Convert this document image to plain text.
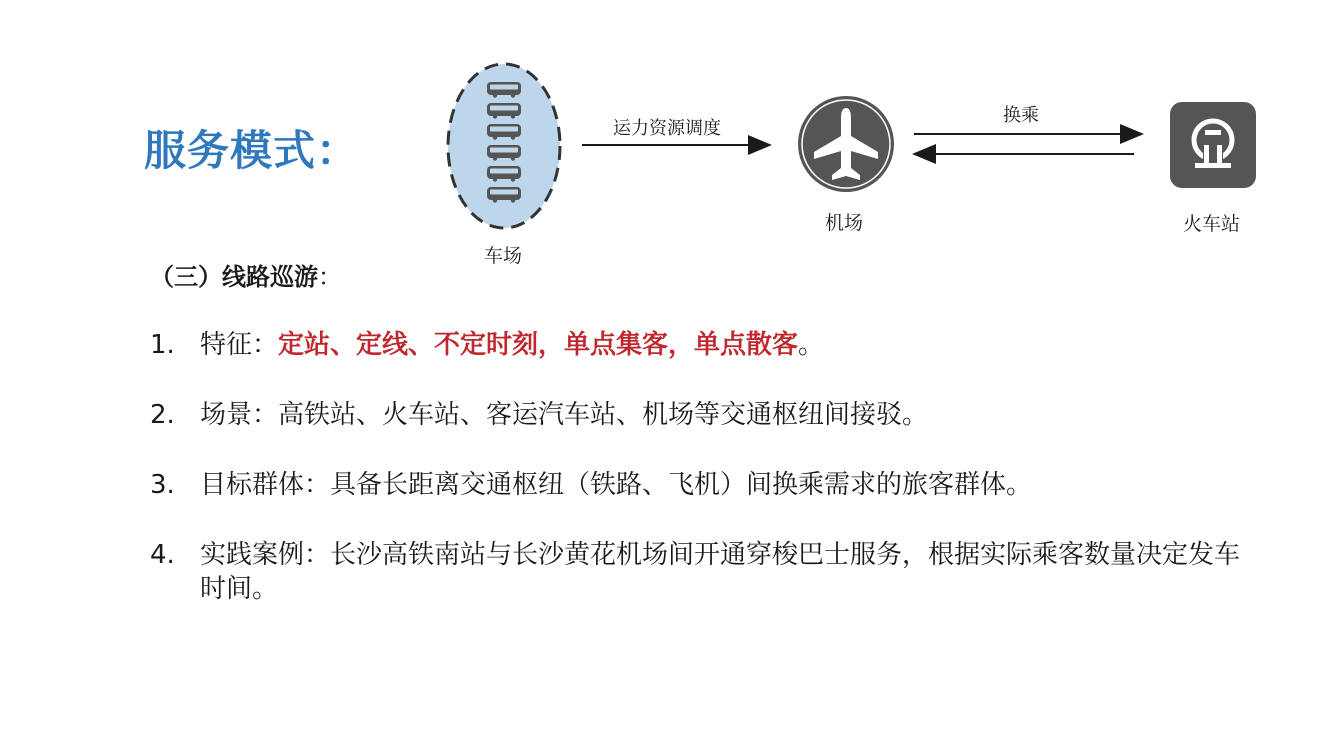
服务模式：
车场
运力资源调度
机场
换乘
火车站
（三）线路巡游：
1. 特征：定站、定线、不定时刻，单点集客，单点散客。
2. 场景：高铁站、火车站、客运汽车站、机场等交通枢纽间接驳。
3. 目标群体：具备长距离交通枢纽（铁路、飞机）间换乘需求的旅客群体。
4. 实践案例：长沙高铁南站与长沙黄花机场间开通穿梭巴士服务，根据实际乘客数量决定发车时间。
